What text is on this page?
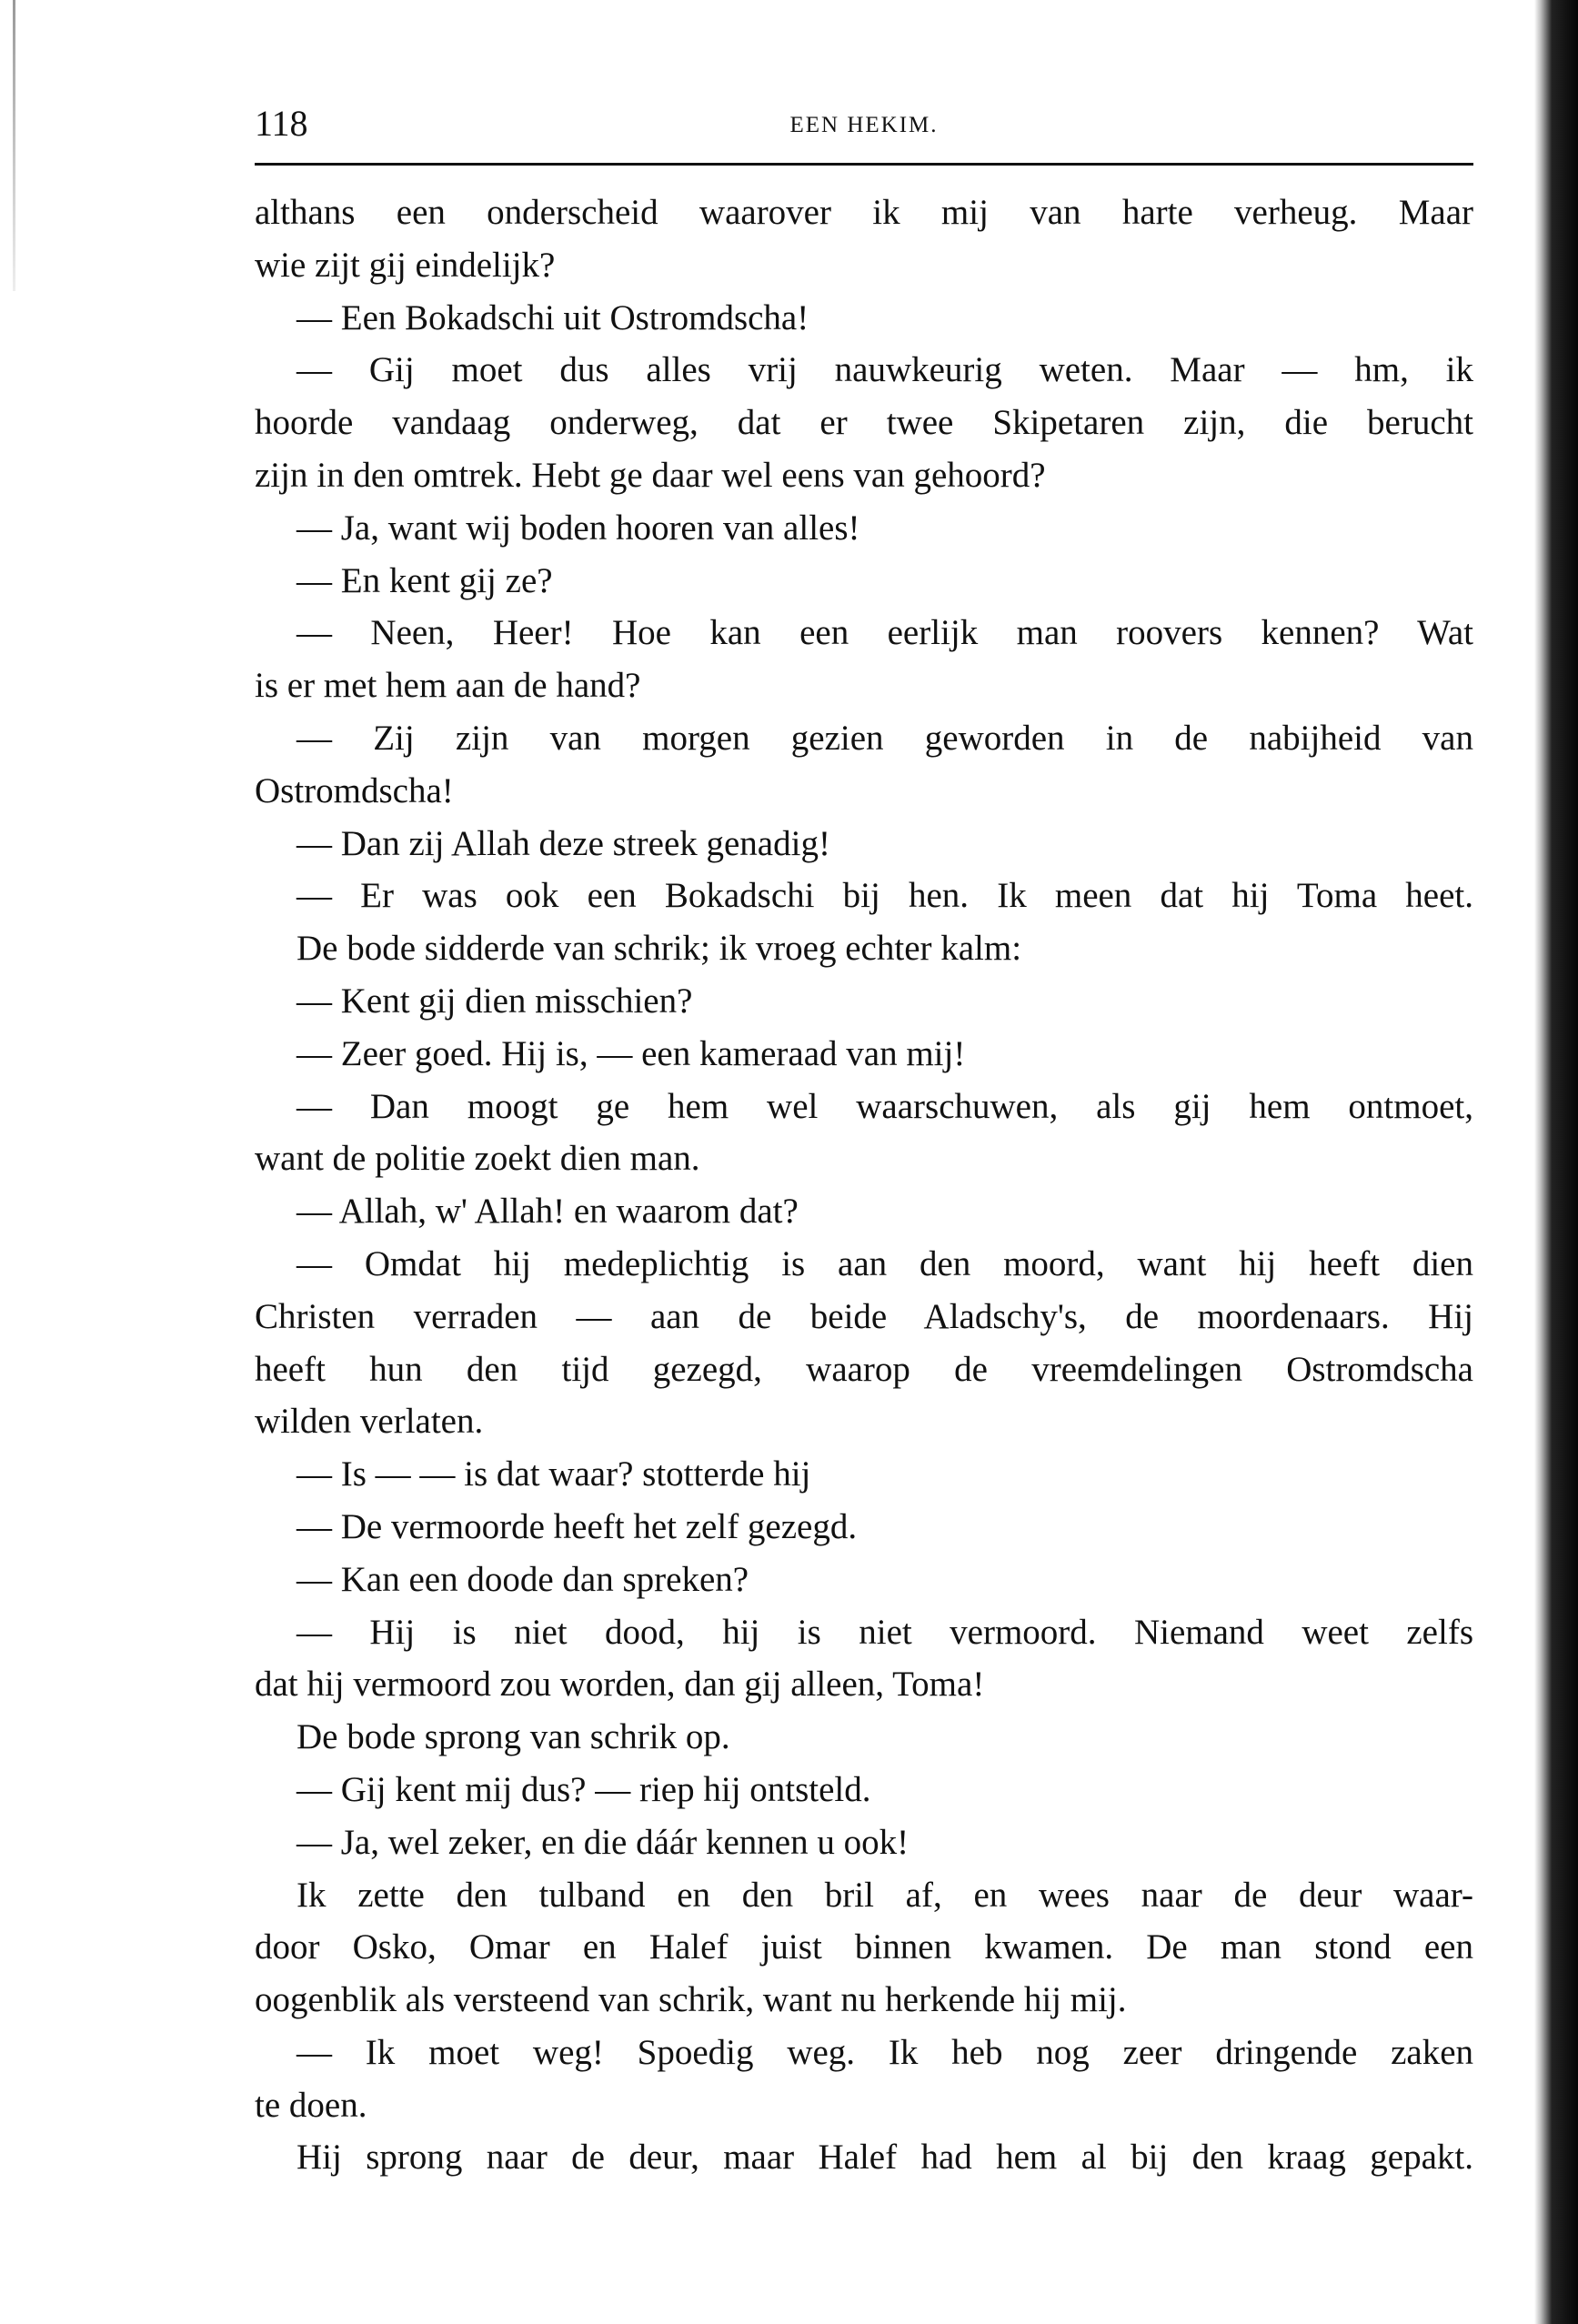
118	EEN HEKIM.
althans een onderscheid waarover ik mij van harte verheug. Maar
wie zijt gij eindelijk?
— Een Bokadschi uit Ostromdscha!
— Gij moet dus alles vrij nauwkeurig weten. Maar — hm, ik
hoorde vandaag onderweg, dat er twee Skipetaren zijn, die berucht
zijn in den omtrek. Hebt ge daar wel eens van gehoord?
— Ja, want wij boden hooren van alles!
— En kent gij ze?
— Neen, Heer! Hoe kan een eerlijk man roovers kennen? Wat
is er met hem aan de hand?
— Zij zijn van morgen gezien geworden in de nabijheid van
Ostromdscha!
— Dan zij Allah deze streek genadig!
— Er was ook een Bokadschi bij hen. Ik meen dat hij Toma heet.
De bode sidderde van schrik; ik vroeg echter kalm:
— Kent gij dien misschien?
— Zeer goed. Hij is, — een kameraad van mij!
— Dan moogt ge hem wel waarschuwen, als gij hem ontmoet,
want de politie zoekt dien man.
— Allah, w' Allah! en waarom dat?
— Omdat hij medeplichtig is aan den moord, want hij heeft dien
Christen verraden — aan de beide Aladschy's, de moordenaars. Hij
heeft hun den tijd gezegd, waarop de vreemdelingen Ostromdscha
wilden verlaten.
— Is — — is dat waar? stotterde hij
— De vermoorde heeft het zelf gezegd.
— Kan een doode dan spreken?
— Hij is niet dood, hij is niet vermoord. Niemand weet zelfs
dat hij vermoord zou worden, dan gij alleen, Toma!
De bode sprong van schrik op.
— Gij kent mij dus? — riep hij ontsteld.
— Ja, wel zeker, en die dáár kennen u ook!
Ik zette den tulband en den bril af, en wees naar de deur waar-
door Osko, Omar en Halef juist binnen kwamen. De man stond een
oogenblik als versteend van schrik, want nu herkende hij mij.
— Ik moet weg! Spoedig weg. Ik heb nog zeer dringende zaken
te doen.
Hij sprong naar de deur, maar Halef had hem al bij den kraag gepakt.
